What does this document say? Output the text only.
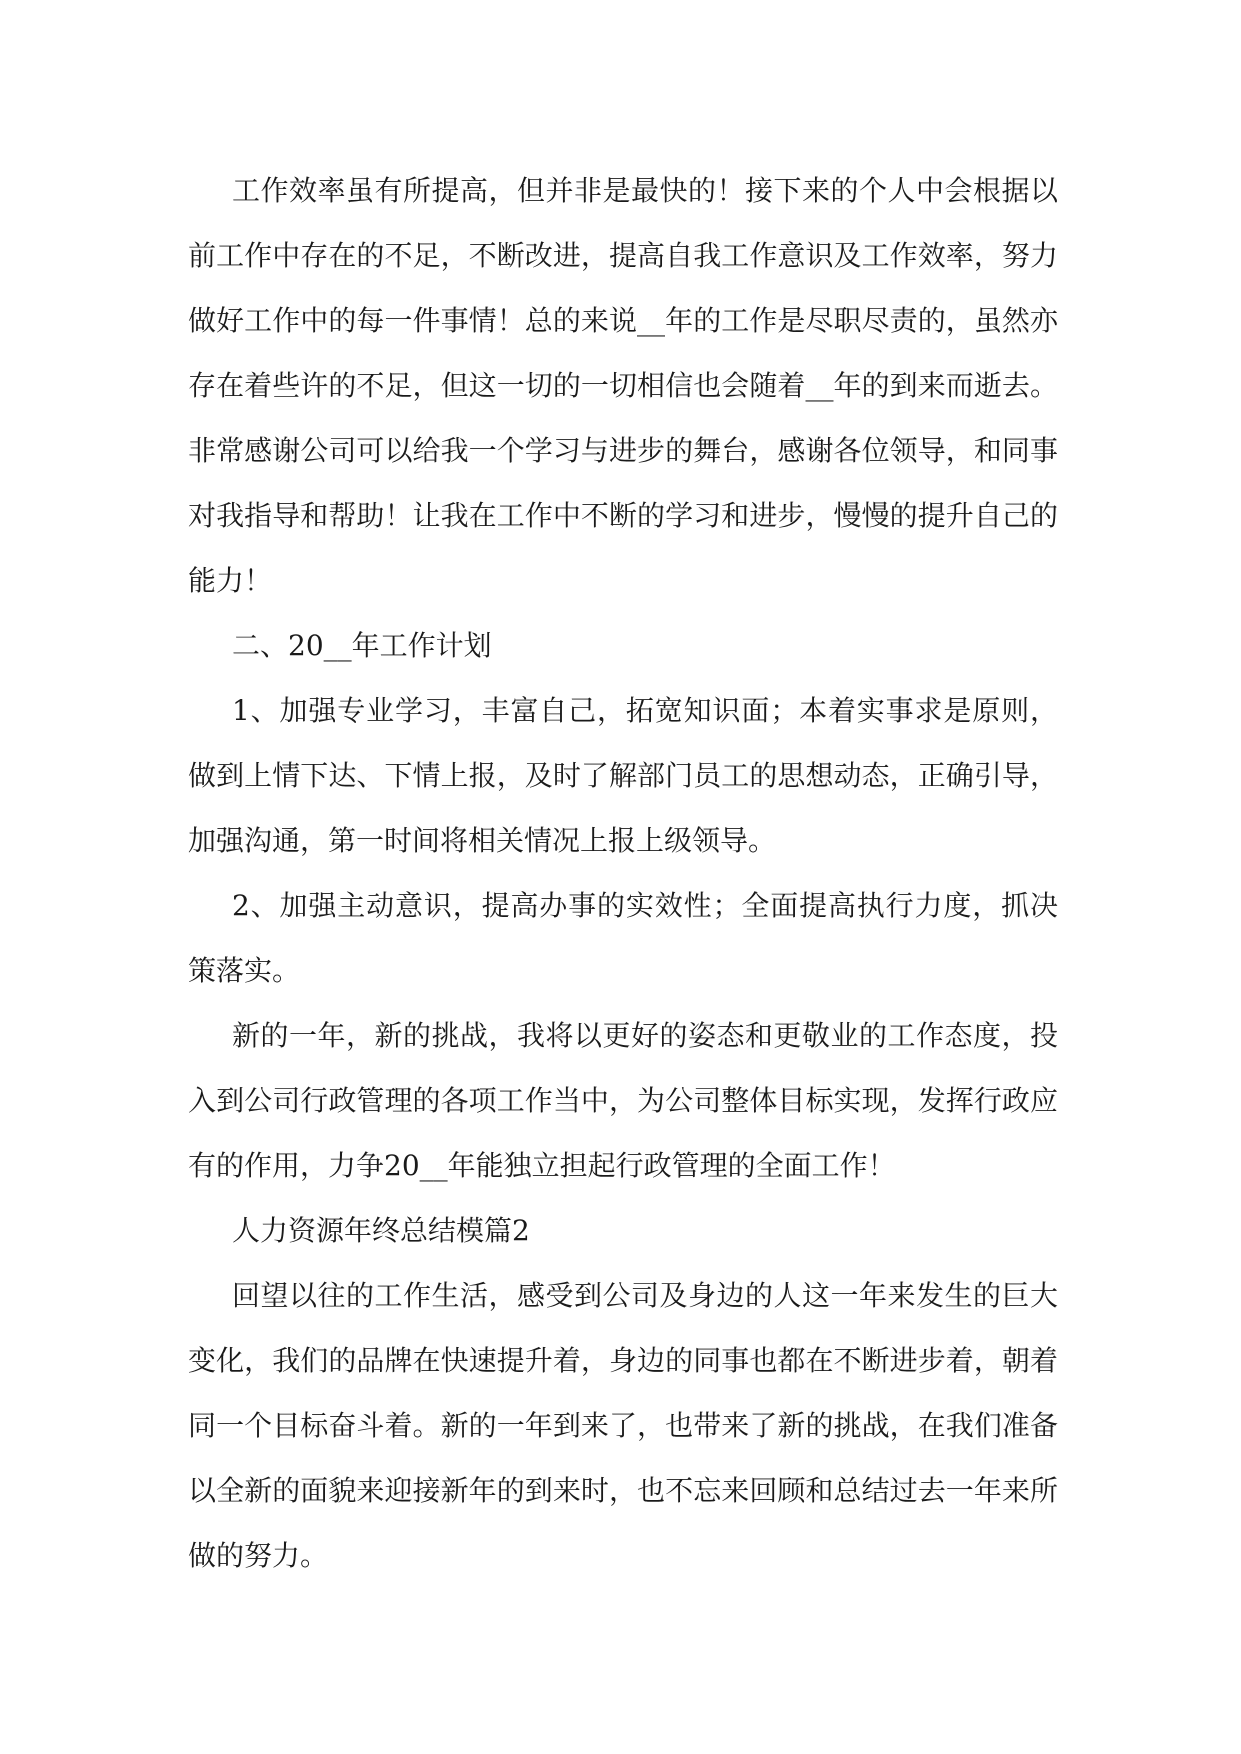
工作效率虽有所提高，但并非是最快的！接下来的个人中会根据以前工作中存在的不足，不断改进，提高自我工作意识及工作效率，努力做好工作中的每一件事情！总的来说__年的工作是尽职尽责的，虽然亦存在着些许的不足，但这一切的一切相信也会随着__年的到来而逝去。非常感谢公司可以给我一个学习与进步的舞台，感谢各位领导，和同事对我指导和帮助！让我在工作中不断的学习和进步，慢慢的提升自己的能力！

二、20__年工作计划

1、加强专业学习，丰富自己，拓宽知识面；本着实事求是原则，做到上情下达、下情上报，及时了解部门员工的思想动态，正确引导，加强沟通，第一时间将相关情况上报上级领导。

2、加强主动意识，提高办事的实效性；全面提高执行力度，抓决策落实。

新的一年，新的挑战，我将以更好的姿态和更敬业的工作态度，投入到公司行政管理的各项工作当中，为公司整体目标实现，发挥行政应有的作用，力争20__年能独立担起行政管理的全面工作！

人力资源年终总结模篇2

回望以往的工作生活，感受到公司及身边的人这一年来发生的巨大变化，我们的品牌在快速提升着，身边的同事也都在不断进步着，朝着同一个目标奋斗着。新的一年到来了，也带来了新的挑战，在我们准备以全新的面貌来迎接新年的到来时，也不忘来回顾和总结过去一年来所做的努力。
